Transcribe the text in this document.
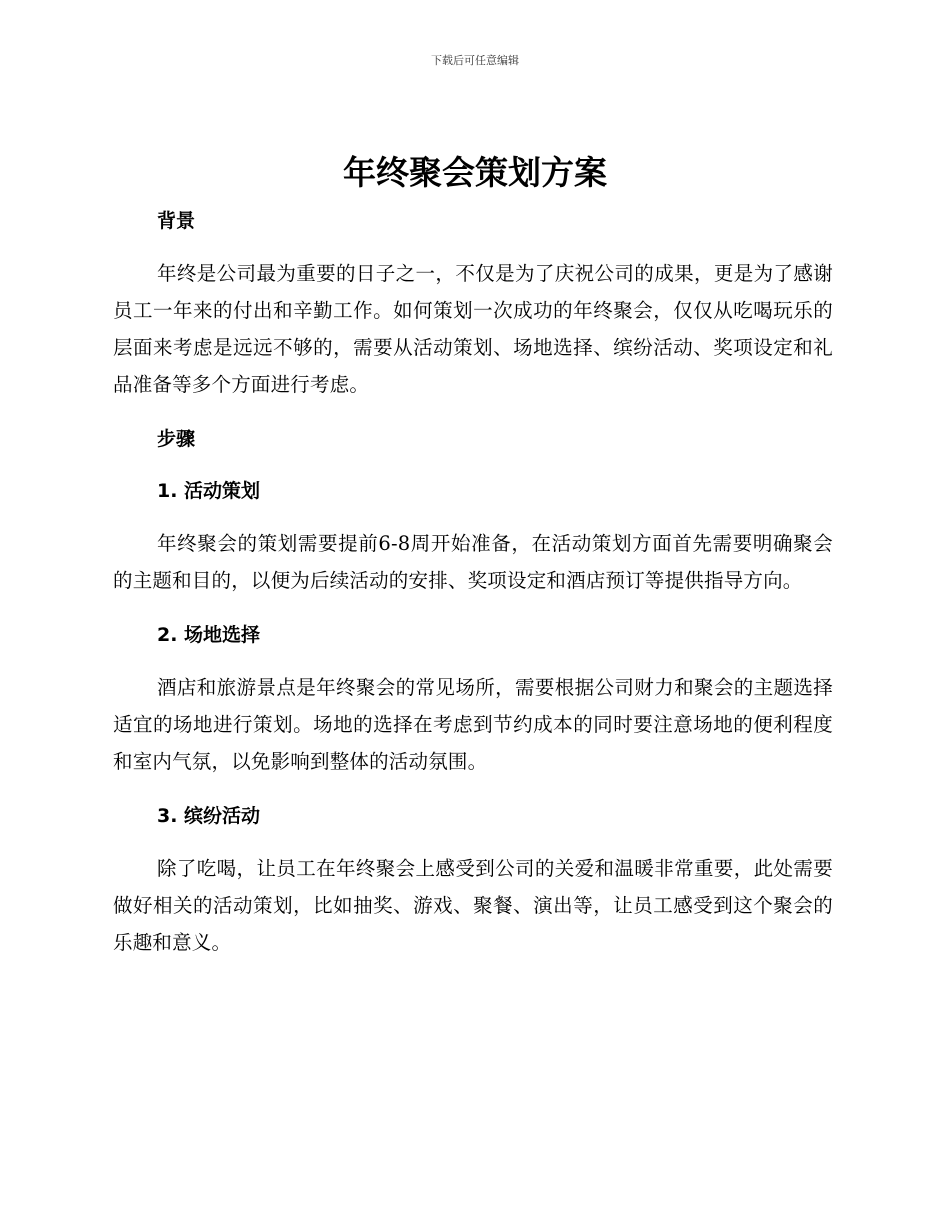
下载后可任意编辑
年终聚会策划方案
背景

年终是公司最为重要的日子之一，不仅是为了庆祝公司的成果，更是为了感谢员工一年来的付出和辛勤工作。如何策划一次成功的年终聚会，仅仅从吃喝玩乐的层面来考虑是远远不够的，需要从活动策划、场地选择、缤纷活动、奖项设定和礼品准备等多个方面进行考虑。

步骤
1. 活动策划

年终聚会的策划需要提前6-8周开始准备，在活动策划方面首先需要明确聚会的主题和目的，以便为后续活动的安排、奖项设定和酒店预订等提供指导方向。

2. 场地选择

酒店和旅游景点是年终聚会的常见场所，需要根据公司财力和聚会的主题选择适宜的场地进行策划。场地的选择在考虑到节约成本的同时要注意场地的便利程度和室内气氛，以免影响到整体的活动氛围。

3. 缤纷活动

除了吃喝，让员工在年终聚会上感受到公司的关爱和温暖非常重要，此处需要做好相关的活动策划，比如抽奖、游戏、聚餐、演出等，让员工感受到这个聚会的乐趣和意义。
